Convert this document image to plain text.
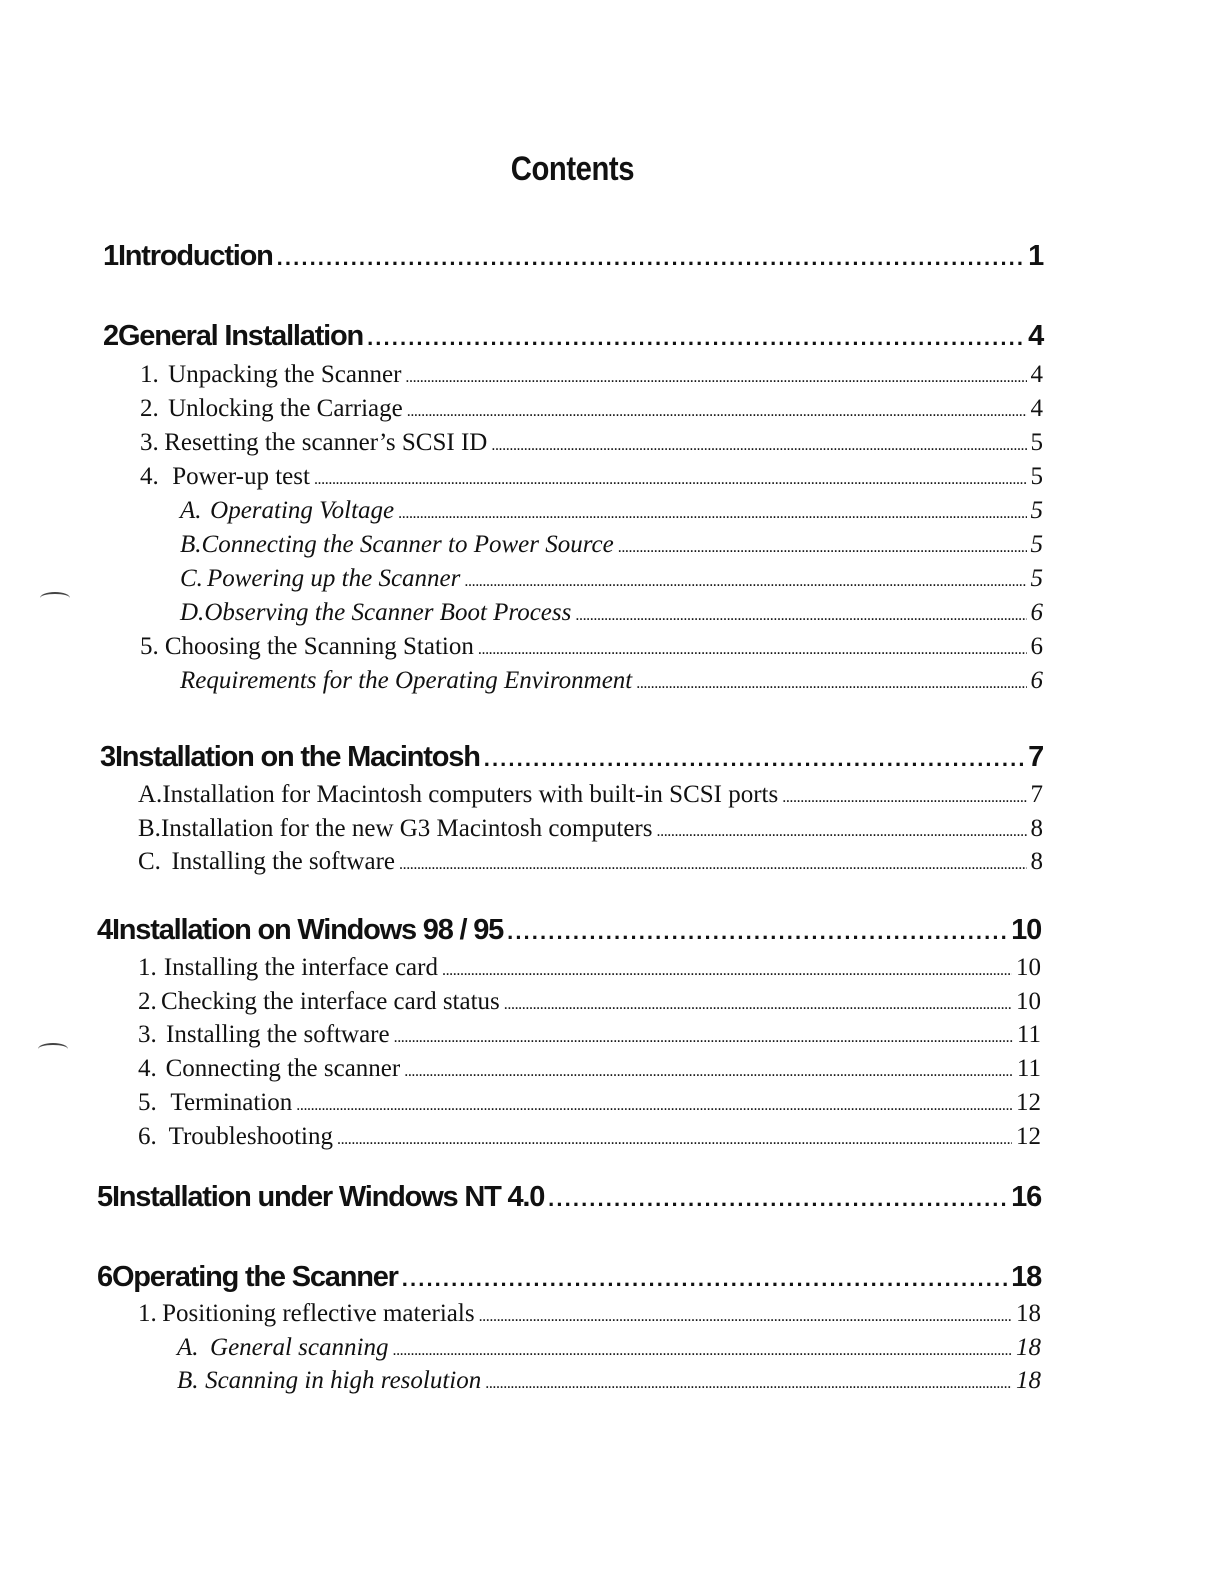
Contents
1 Introduction . . .	1
2 General Installation . . .	4
1. Unpacking the Scanner . . .	4
2. Unlocking the Carriage . . .	4
3. Resetting the scanner’s SCSI ID . . .	5
4. Power-up test . . .	5
A. Operating Voltage . . .	5
B. Connecting the Scanner to Power Source . . .	5
C. Powering up the Scanner . . .	5
D. Observing the Scanner Boot Process . . .	6
5. Choosing the Scanning Station . . .	6
Requirements for the Operating Environment . . .	6
3 Installation on the Macintosh . . .	7
A. Installation for Macintosh computers with built-in SCSI ports . . .	7
B. Installation for the new G3 Macintosh computers . . .	8
C. Installing the software . . .	8
4 Installation on Windows 98 / 95 . . .	10
1. Installing the interface card . . .	10
2. Checking the interface card status . . .	10
3. Installing the software . . .	11
4. Connecting the scanner . . .	11
5. Termination . . .	12
6. Troubleshooting . . .	12
5 Installation under Windows NT 4.0 . . .	16
6 Operating the Scanner . . .	18
1. Positioning reflective materials . . .	18
A. General scanning . . .	18
B. Scanning in high resolution . . .	18
